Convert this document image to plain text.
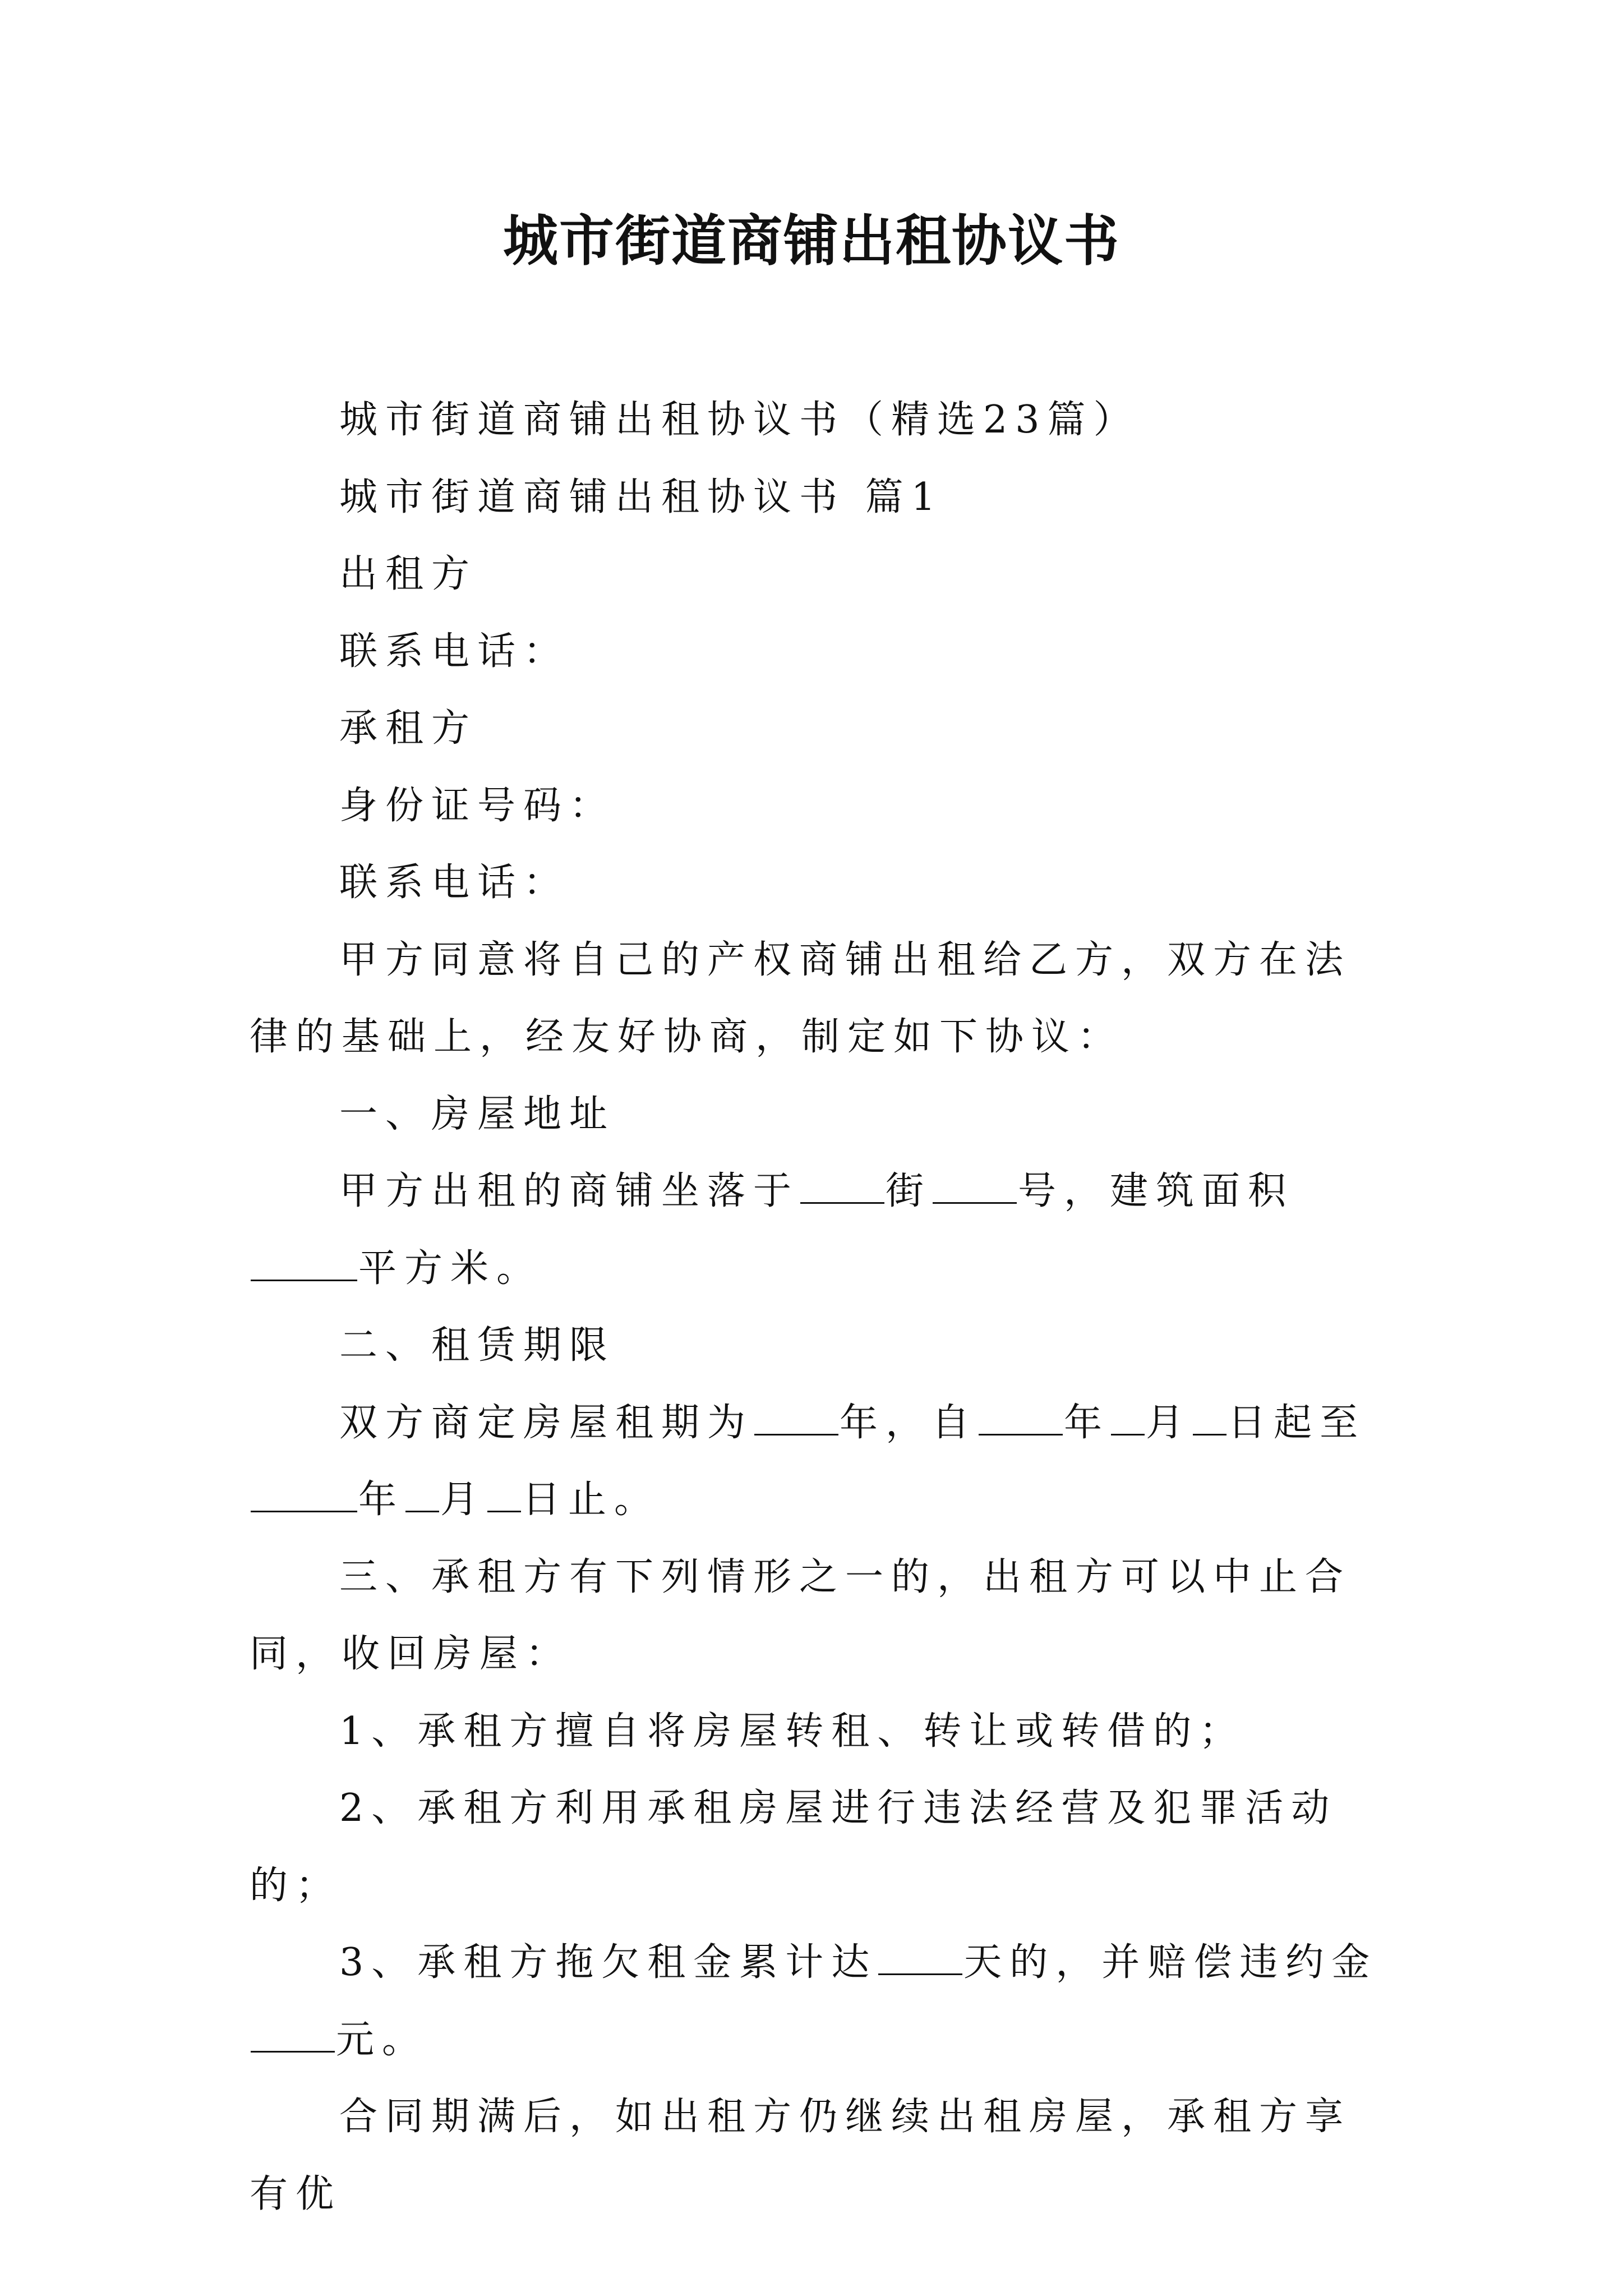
城市街道商铺出租协议书

城市街道商铺出租协议书（精选23篇）

城市街道商铺出租协议书 篇1

出租方

联系电话：

承租方

身份证号码：

联系电话：

甲方同意将自己的产权商铺出租给乙方，双方在法律的基础上，经友好协商，制定如下协议：

一、房屋地址

甲方出租的商铺坐落于 街 号，建筑面积平方米。

二、租赁期限

双方商定房屋租期为 年，自 年 月 日起至年 月 日止。

三、承租方有下列情形之一的，出租方可以中止合同，收回房屋：

1、承租方擅自将房屋转租、转让或转借的；

2、承租方利用承租房屋进行违法经营及犯罪活动的；

3、承租方拖欠租金累计达 天的，并赔偿违约金元。

合同期满后，如出租方仍继续出租房屋，承租方享有优
